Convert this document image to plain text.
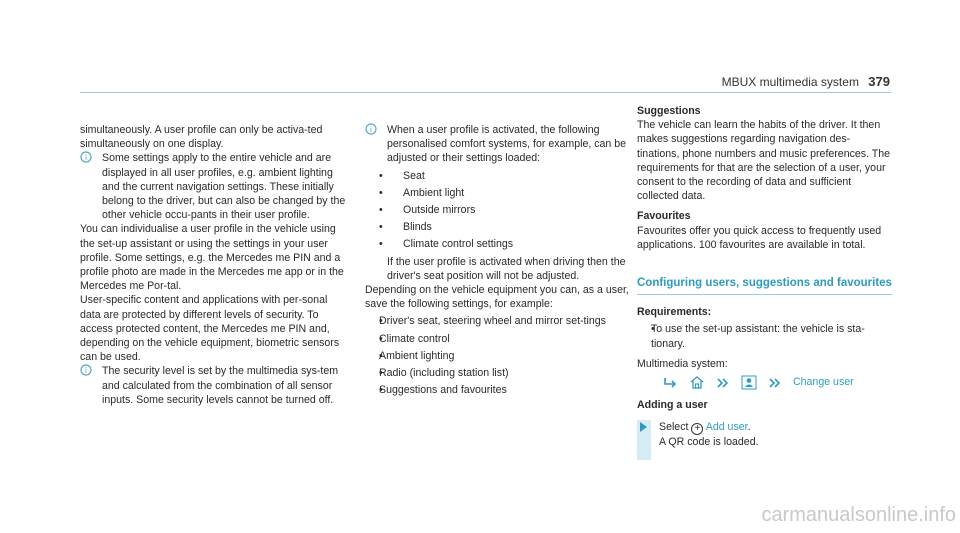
MBUX multimedia system 379

simultaneously. A user profile can only be activa-ted simultaneously on one display.

i Some settings apply to the entire vehicle and are displayed in all user profiles, e.g. ambient lighting and the current navigation settings. These initially belong to the driver, but can also be changed by the other vehicle occu-pants in their user profile.

You can individualise a user profile in the vehicle using the set-up assistant or using the settings in your user profile. Some settings, e.g. the Mercedes me PIN and a profile photo are made in the Mercedes me app or in the Mercedes me Por-tal.

User-specific content and applications with per-sonal data are protected by different levels of security. To access protected content, the Mercedes me PIN and, depending on the vehicle equipment, biometric sensors can be used.

i The security level is set by the multimedia sys-tem and calculated from the combination of all sensor inputs. Some security levels cannot be turned off.

i When a user profile is activated, the following personalised comfort systems, for example, can be adjusted or their settings loaded:

• Seat
• Ambient light
• Outside mirrors
• Blinds
• Climate control settings

If the user profile is activated when driving then the driver's seat position will not be adjusted.

Depending on the vehicle equipment you can, as a user, save the following settings, for example:

• Driver's seat, steering wheel and mirror set-tings
• Climate control
• Ambient lighting
• Radio (including station list)
• Suggestions and favourites

Suggestions

The vehicle can learn the habits of the driver. It then makes suggestions regarding navigation des-tinations, phone numbers and music preferences. The requirements for that are the selection of a user, your consent to the recording of data and sufficient collected data.

Favourites

Favourites offer you quick access to frequently used applications. 100 favourites are available in total.

Configuring users, suggestions and favourites

Requirements:

• To use the set-up assistant: the vehicle is sta-tionary.

Multimedia system:

Change user

Adding a user

Select + Add user.
A QR code is loaded.
carmanualsonline.info
